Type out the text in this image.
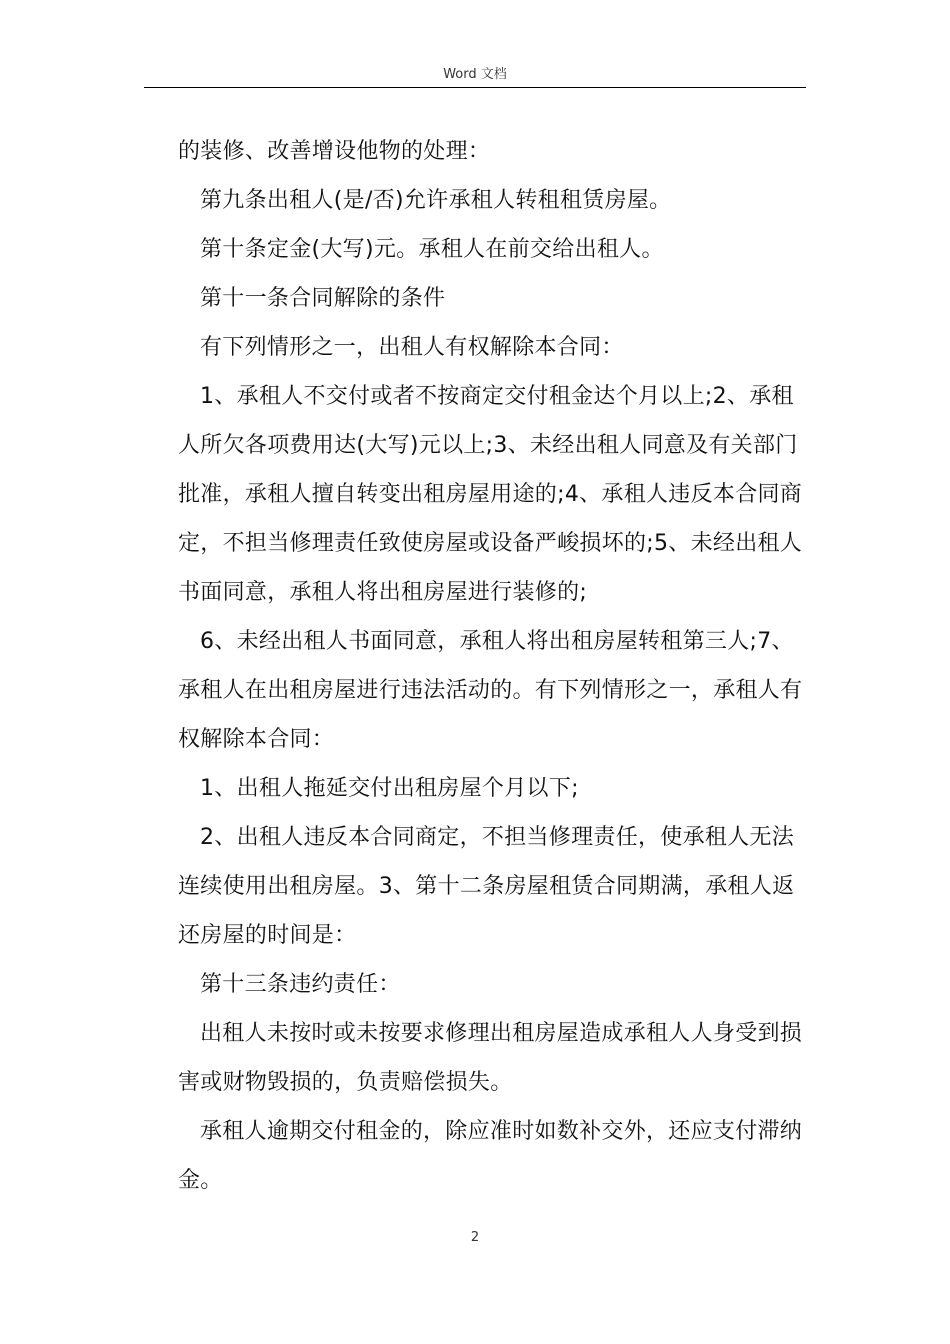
Word 文档

的装修、改善增设他物的处理：

第九条出租人(是/否)允许承租人转租租赁房屋。

第十条定金(大写)元。承租人在前交给出租人。

第十一条合同解除的条件

有下列情形之一，出租人有权解除本合同：

1、承租人不交付或者不按商定交付租金达个月以上;2、承租人所欠各项费用达(大写)元以上;3、未经出租人同意及有关部门批准，承租人擅自转变出租房屋用途的;4、承租人违反本合同商定，不担当修理责任致使房屋或设备严峻损坏的;5、未经出租人书面同意，承租人将出租房屋进行装修的;

6、未经出租人书面同意，承租人将出租房屋转租第三人;7、承租人在出租房屋进行违法活动的。有下列情形之一，承租人有权解除本合同：

1、出租人拖延交付出租房屋个月以下;

2、出租人违反本合同商定，不担当修理责任，使承租人无法连续使用出租房屋。3、第十二条房屋租赁合同期满，承租人返还房屋的时间是：

第十三条违约责任：

出租人未按时或未按要求修理出租房屋造成承租人人身受到损害或财物毁损的，负责赔偿损失。

承租人逾期交付租金的，除应准时如数补交外，还应支付滞纳金。

2
